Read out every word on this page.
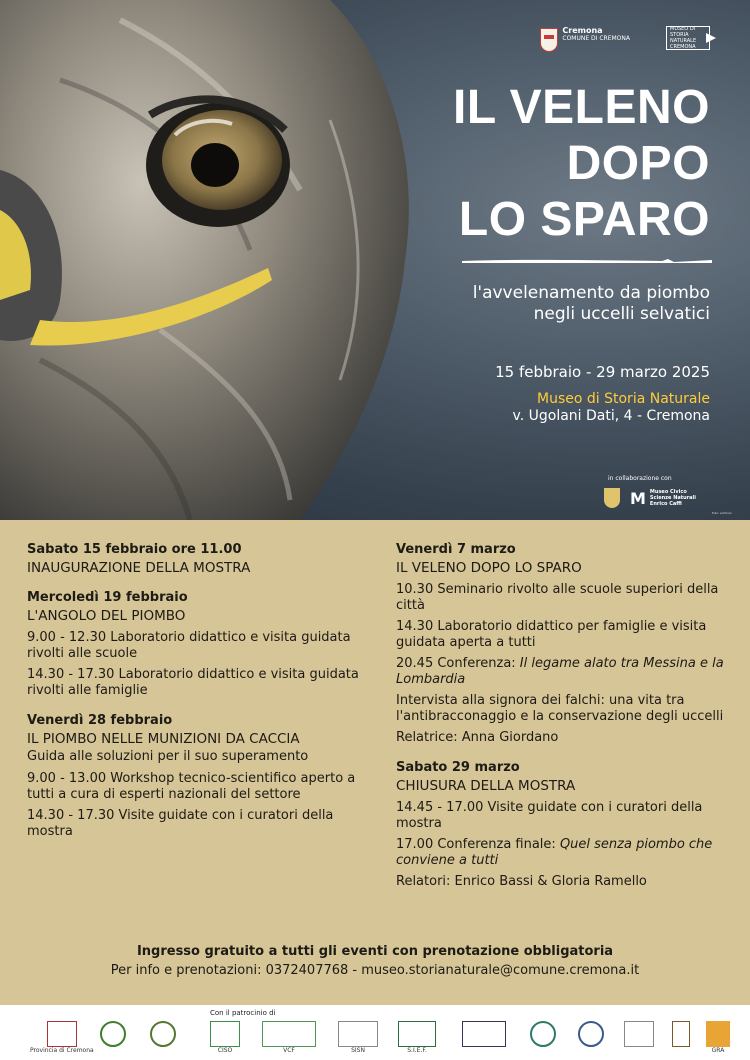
Cremona
COMUNE DI CREMONA
MUSEO DI
STORIA
NATURALE
CREMONA
IL VELENO
DOPO
LO SPARO
l'avvelenamento da piombo
negli uccelli selvatici
15 febbraio - 29 marzo 2025
Museo di Storia Naturale
v. Ugolani Dati, 4 - Cremona
in collaborazione con
M Museo Civico
Scienze Naturali
Enrico Caffi
foto: archivio
Sabato 15 febbraio ore 11.00
INAUGURAZIONE DELLA MOSTRA
Mercoledì 19 febbraio
L'ANGOLO DEL PIOMBO
9.00 - 12.30 Laboratorio didattico e visita guidata rivolti alle scuole
14.30 - 17.30 Laboratorio didattico e visita guidata rivolti alle famiglie
Venerdì 28 febbraio
IL PIOMBO NELLE MUNIZIONI DA CACCIA
Guida alle soluzioni per il suo superamento
9.00 - 13.00 Workshop tecnico-scientifico aperto a tutti a cura di esperti nazionali del settore
14.30 - 17.30 Visite guidate con i curatori della mostra
Venerdì 7 marzo
IL VELENO DOPO LO SPARO
10.30 Seminario rivolto alle scuole superiori della città
14.30 Laboratorio didattico per famiglie e visita guidata aperta a tutti
20.45 Conferenza: Il legame alato tra Messina e la Lombardia
Intervista alla signora dei falchi: una vita tra l'antibracconaggio e la conservazione degli uccelli
Relatrice: Anna Giordano
Sabato 29 marzo
CHIUSURA DELLA MOSTRA
14.45 - 17.00 Visite guidate con i curatori della mostra
17.00 Conferenza finale: Quel senza piombo che conviene a tutti
Relatori: Enrico Bassi & Gloria Ramello
Ingresso gratuito a tutti gli eventi con prenotazione obbligatoria
Per info e prenotazioni: 0372407768 - museo.storianaturale@comune.cremona.it
Con il patrocinio di
Provincia di Cremona	CISO	VCF	SISN	S.I.E.F.	GRA
